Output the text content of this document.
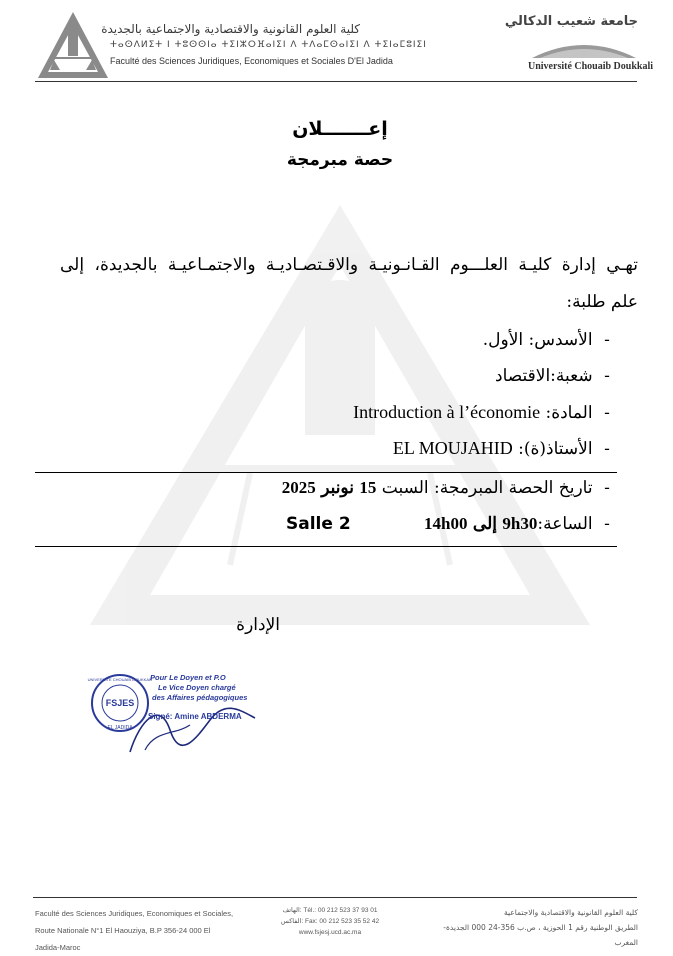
كلية العلوم القانونية والاقتصادية والاجتماعية بالجديدة
ⵜⴰⵙⴷⵍⵉⵜ ⵏ ⵜⵓⵙⵙⵏⴰ ⵜⵉⵏⵣⵔⴼⴰⵏⵉⵏ ⴷ ⵜⴷⴰⵎⵙⴰⵏⵉⵏ ⴷ ⵜⵉⵏⴰⵎⵓⵏⵉⵏ
Faculté des Sciences Juridiques, Economiques et Sociales D'El Jadida
جامعة شعيب الدكالي
Université Chouaib Doukkali
إعـــــــلان
حصة مبرمجة
تهـي إدارة كليـة العلـــوم القـانـونيـة والاقـتصـاديـة والاجتمـاعيـة بالجديدة، إلى
علم طلبة:
- الأسدس: الأول.
- شعبة:الاقتصاد
- المادة: Introduction à l’économie
- الأستاذ(ة): EL MOUJAHID
- تاريخ الحصة المبرمجة: السبت 15 نونبر 2025
- الساعة:9h30 إلى 14h00
Salle 2
الإدارة
FSJES
UNIVERSITE CHOUAIB DOUKKALI
EL JADIDA
Pour Le Doyen et P.O
Le Vice Doyen chargé
des Affaires pédagogiques
Signé: Amine ABDERMA
Faculté des Sciences Juridiques, Economiques et Sociales,
Route Nationale N°1 El Haouziya, B.P 356-24 000 El Jadida-Maroc
الهاتف: Tél.: 00 212 523 37 93 01
الفاكس: Fax: 00 212 523 35 52 42
www.fsjesj.ucd.ac.ma
كلية العلوم القانونية والاقتصادية والاجتماعية
الطريق الوطنية رقم 1 الحوزية ، ص.ب 356-24 000 الجديدة-المغرب
